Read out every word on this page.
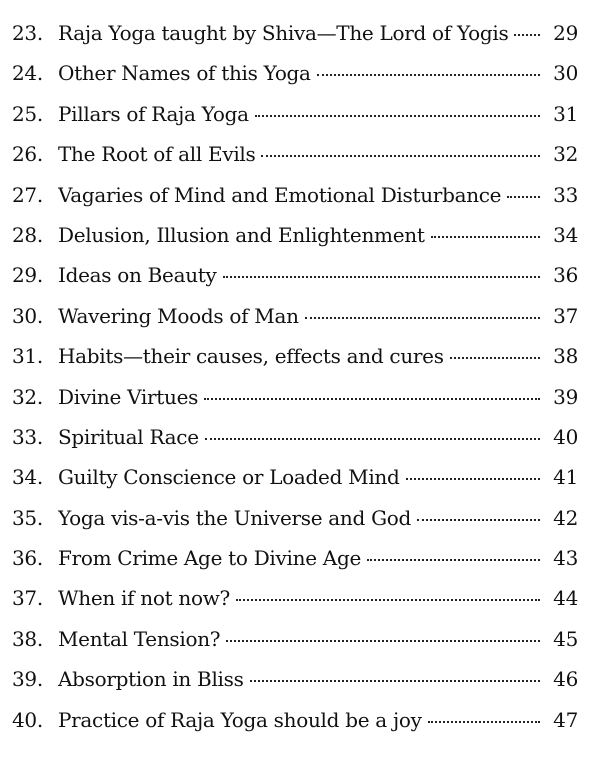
23. Raja Yoga taught by Shiva—The Lord of Yogis	29
24. Other Names of this Yoga	30
25. Pillars of Raja Yoga	31
26. The Root of all Evils	32
27. Vagaries of Mind and Emotional Disturbance	33
28. Delusion, Illusion and Enlightenment	34
29. Ideas on Beauty	36
30. Wavering Moods of Man	37
31. Habits—their causes, effects and cures	38
32. Divine Virtues	39
33. Spiritual Race	40
34. Guilty Conscience or Loaded Mind	41
35. Yoga vis-a-vis the Universe and God	42
36. From Crime Age to Divine Age	43
37. When if not now?	44
38. Mental Tension?	45
39. Absorption in Bliss	46
40. Practice of Raja Yoga should be a joy	47
